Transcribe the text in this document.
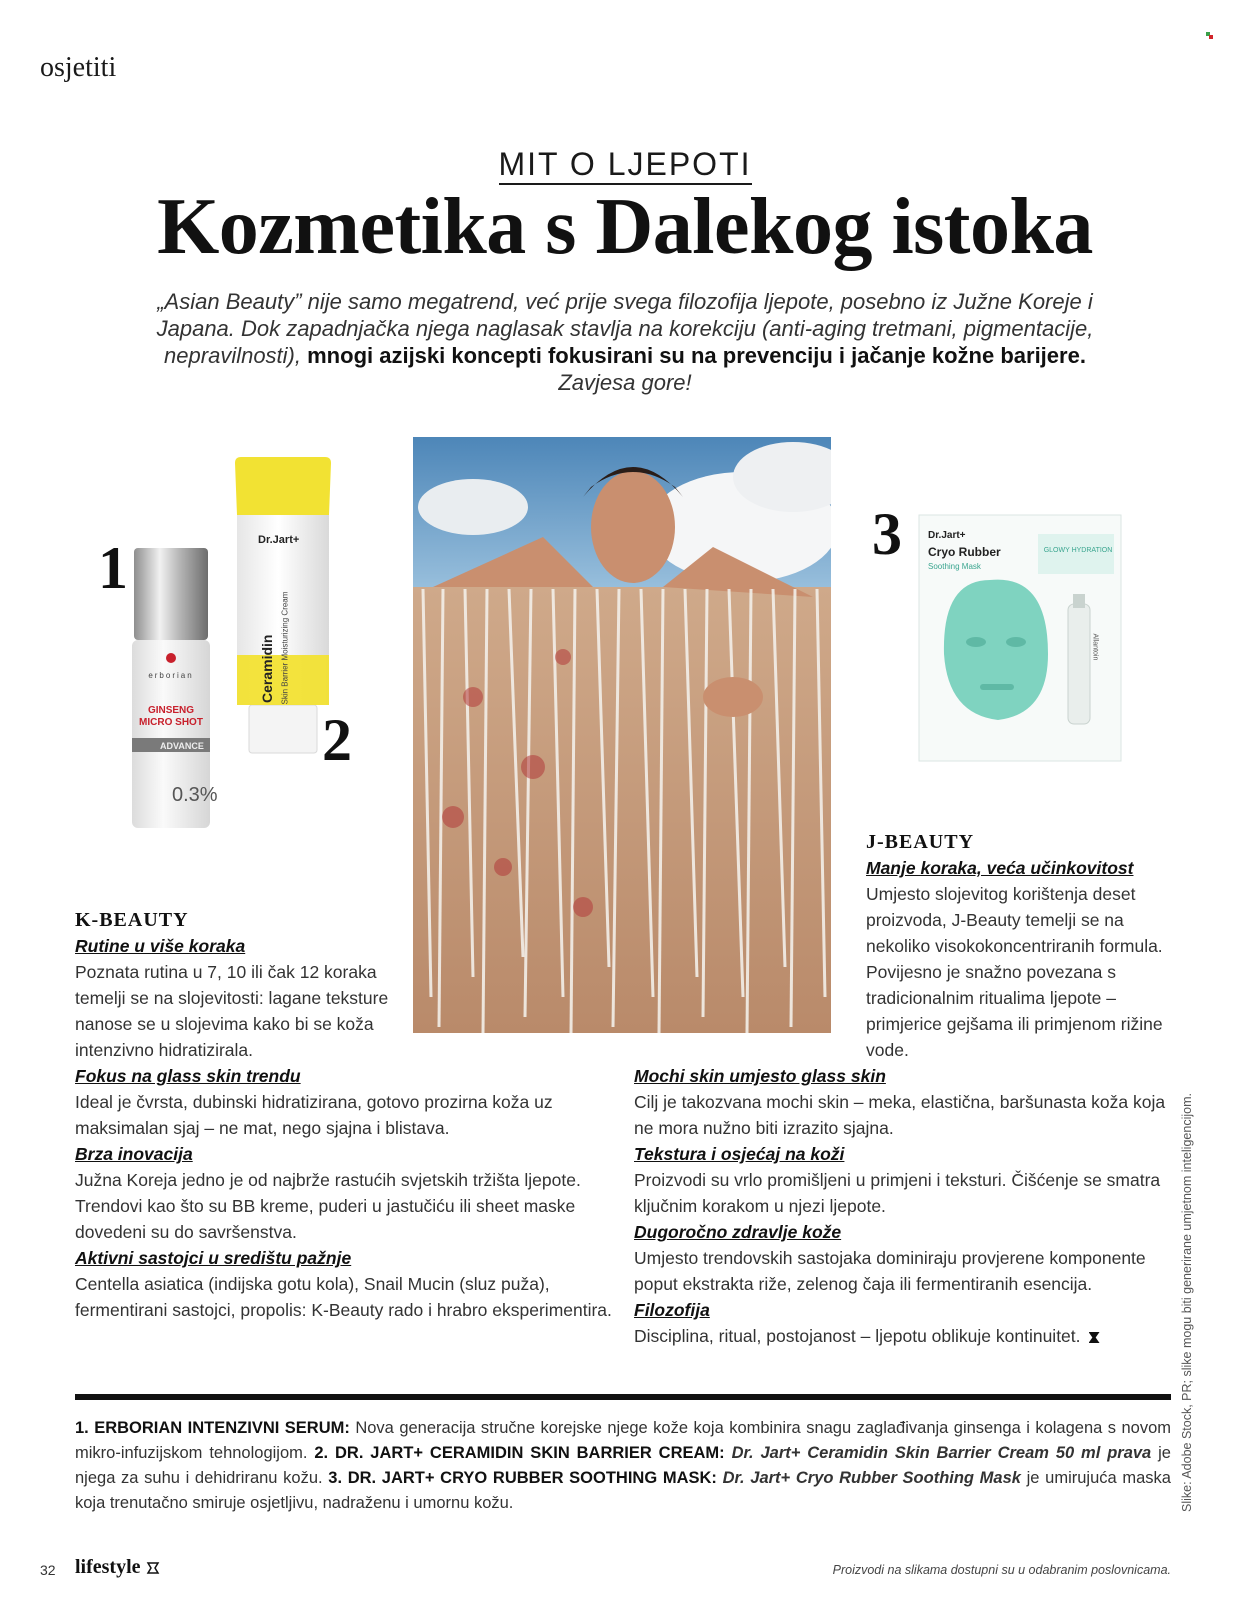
osjetiti
MIT O LJEPOTI
Kozmetika s Dalekog istoka

„Asian Beauty” nije samo megatrend, već prije svega filozofija ljepote, posebno iz Južne Koreje i Japana. Dok zapadnjačka njega naglasak stavlja na korekciju (anti-aging tretmani, pigmentacije, nepravilnosti), mnogi azijski koncepti fokusirani su na prevenciju i jačanje kožne barijere. Zavjesa gore!

1
erborian
GINSENG
MICRO SHOT
ADVANCE
0.3%
Dr.Jart+
Ceramidin Skin Barrier Moisturizing Cream
2
3	Dr.Jart+
Cryo Rubber
Soothing Mask
GLOWY HYDRATION
Allantoin
J-BEAUTY
Manje koraka, veća učinkovitost
Umjesto slojevitog korištenja deset proizvoda, J-Beauty temelji se na nekoliko visokokoncentriranih formula. Povijesno je snažno povezana s tradicionalnim ritualima ljepote – primjerice gejšama ili primjenom rižine vode.
K-BEAUTY
Rutine u više koraka
Poznata rutina u 7, 10 ili čak 12 koraka temelji se na slojevitosti: lagane teksture nanose se u slojevima kako bi se koža intenzivno hidratizirala.
Fokus na glass skin trendu
Ideal je čvrsta, dubinski hidratizirana, gotovo prozirna koža uz maksimalan sjaj – ne mat, nego sjajna i blistava.
Brza inovacija
Južna Koreja jedno je od najbrže rastućih svjetskih tržišta ljepote. Trendovi kao što su BB kreme, puderi u jastučiću ili sheet maske dovedeni su do savršenstva.
Aktivni sastojci u središtu pažnje
Centella asiatica (indijska gotu kola), Snail Mucin (sluz puža), fermentirani sastojci, propolis: K-Beauty rado i hrabro eksperimentira.
Mochi skin umjesto glass skin
Cilj je takozvana mochi skin – meka, elastična, baršunasta koža koja ne mora nužno biti izrazito sjajna.
Tekstura i osjećaj na koži
Proizvodi su vrlo promišljeni u primjeni i teksturi. Čišćenje se smatra ključnim korakom u njezi ljepote.
Dugoročno zdravlje kože
Umjesto trendovskih sastojaka dominiraju provjerene komponente poput ekstrakta riže, zelenog čaja ili fermentiranih esencija.
Filozofija
Disciplina, ritual, postojanost – ljepotu oblikuje kontinuitet.

1. ERBORIAN INTENZIVNI SERUM: Nova generacija stručne korejske njege kože koja kombinira snagu zaglađivanja ginsenga i kolagena s novom mikro-infuzijskom tehnologijom. 2. DR. JART+ CERAMIDIN SKIN BARRIER CREAM: Dr. Jart+ Ceramidin Skin Barrier Cream 50 ml prava je njega za suhu i dehidriranu kožu. 3. DR. JART+ CRYO RUBBER SOOTHING MASK: Dr. Jart+ Cryo Rubber Soothing Mask je umirujuća maska koja trenutačno smiruje osjetljivu, nadraženu i umornu kožu.	Slike: Adobe Stock, PR; slike mogu biti generirane umjetnom inteligencijom.
32 lifestyle	Proizvodi na slikama dostupni su u odabranim poslovnicama.
